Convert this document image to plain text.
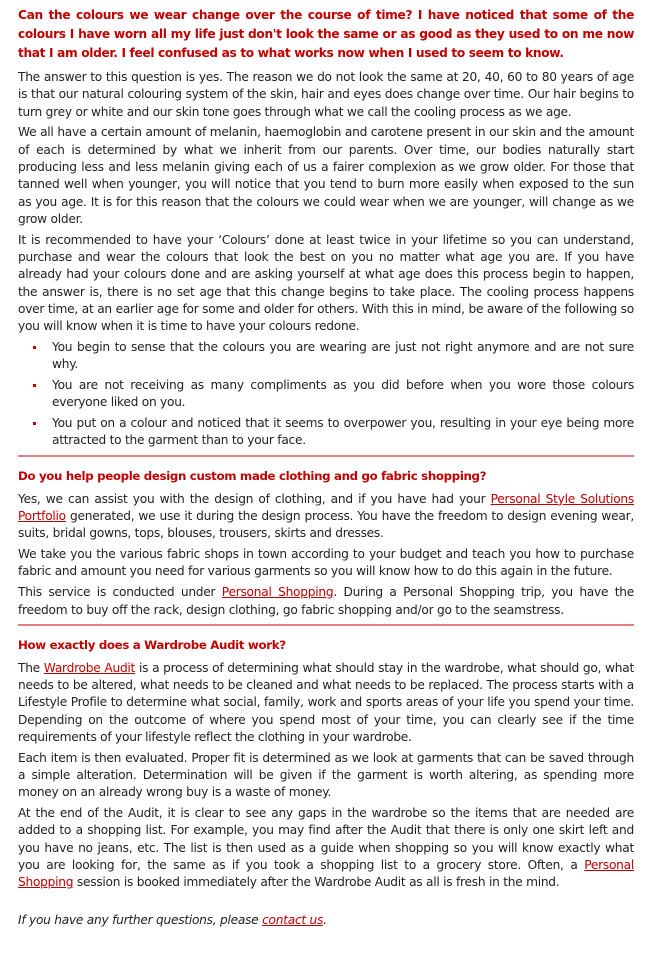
Can the colours we wear change over the course of time? I have noticed that some of the colours I have worn all my life just don't look the same or as good as they used to on me now that I am older. I feel confused as to what works now when I used to seem to know.

The answer to this question is yes. The reason we do not look the same at 20, 40, 60 to 80 years of age is that our natural colouring system of the skin, hair and eyes does change over time. Our hair begins to turn grey or white and our skin tone goes through what we call the cooling process as we age.

We all have a certain amount of melanin, haemoglobin and carotene present in our skin and the amount of each is determined by what we inherit from our parents. Over time, our bodies naturally start producing less and less melanin giving each of us a fairer complexion as we grow older. For those that tanned well when younger, you will notice that you tend to burn more easily when exposed to the sun as you age. It is for this reason that the colours we could wear when we are younger, will change as we grow older.

It is recommended to have your ‘Colours’ done at least twice in your lifetime so you can understand, purchase and wear the colours that look the best on you no matter what age you are. If you have already had your colours done and are asking yourself at what age does this process begin to happen, the answer is, there is no set age that this change begins to take place. The cooling process happens over time, at an earlier age for some and older for others. With this in mind, be aware of the following so you will know when it is time to have your colours redone.

You begin to sense that the colours you are wearing are just not right anymore and are not sure why.
You are not receiving as many compliments as you did before when you wore those colours everyone liked on you.
You put on a colour and noticed that it seems to overpower you, resulting in your eye being more attracted to the garment than to your face.

Do you help people design custom made clothing and go fabric shopping?

Yes, we can assist you with the design of clothing, and if you have had your Personal Style Solutions Portfolio generated, we use it during the design process. You have the freedom to design evening wear, suits, bridal gowns, tops, blouses, trousers, skirts and dresses.

We take you the various fabric shops in town according to your budget and teach you how to purchase fabric and amount you need for various garments so you will know how to do this again in the future.

This service is conducted under Personal Shopping. During a Personal Shopping trip, you have the freedom to buy off the rack, design clothing, go fabric shopping and/or go to the seamstress.

How exactly does a Wardrobe Audit work?

The Wardrobe Audit is a process of determining what should stay in the wardrobe, what should go, what needs to be altered, what needs to be cleaned and what needs to be replaced. The process starts with a Lifestyle Profile to determine what social, family, work and sports areas of your life you spend your time. Depending on the outcome of where you spend most of your time, you can clearly see if the time requirements of your lifestyle reflect the clothing in your wardrobe.

Each item is then evaluated. Proper fit is determined as we look at garments that can be saved through a simple alteration. Determination will be given if the garment is worth altering, as spending more money on an already wrong buy is a waste of money.

At the end of the Audit, it is clear to see any gaps in the wardrobe so the items that are needed are added to a shopping list. For example, you may find after the Audit that there is only one skirt left and you have no jeans, etc. The list is then used as a guide when shopping so you will know exactly what you are looking for, the same as if you took a shopping list to a grocery store. Often, a Personal Shopping session is booked immediately after the Wardrobe Audit as all is fresh in the mind.

If you have any further questions, please contact us.
